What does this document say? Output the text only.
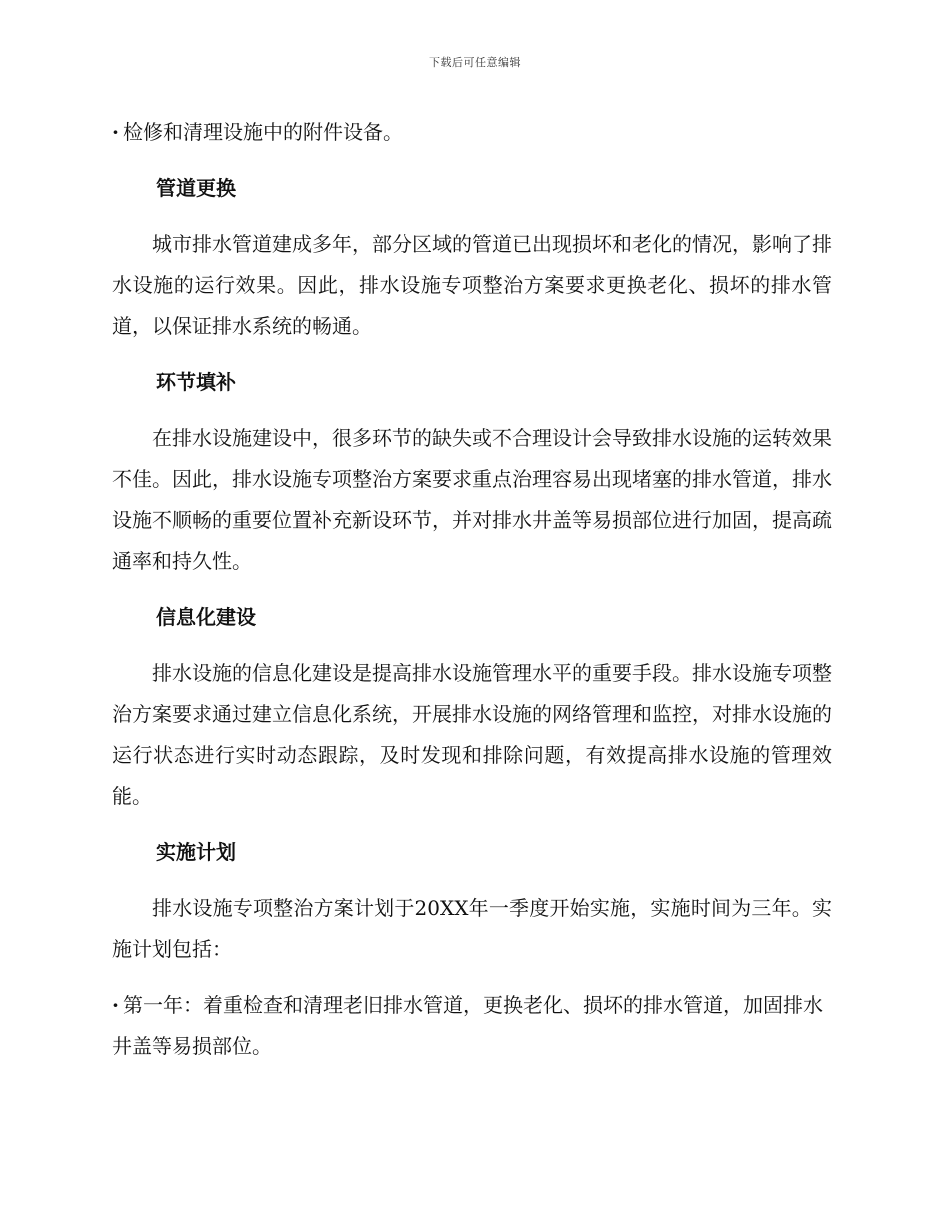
下载后可任意编辑
· 检修和清理设施中的附件设备。
管道更换
城市排水管道建成多年，部分区域的管道已出现损坏和老化的情况，影响了排水设施的运行效果。因此，排水设施专项整治方案要求更换老化、损坏的排水管道，以保证排水系统的畅通。
环节填补
在排水设施建设中，很多环节的缺失或不合理设计会导致排水设施的运转效果不佳。因此，排水设施专项整治方案要求重点治理容易出现堵塞的排水管道，排水设施不顺畅的重要位置补充新设环节，并对排水井盖等易损部位进行加固，提高疏通率和持久性。
信息化建设
排水设施的信息化建设是提高排水设施管理水平的重要手段。排水设施专项整治方案要求通过建立信息化系统，开展排水设施的网络管理和监控，对排水设施的运行状态进行实时动态跟踪，及时发现和排除问题，有效提高排水设施的管理效能。
实施计划
排水设施专项整治方案计划于20XX年一季度开始实施，实施时间为三年。实施计划包括：
· 第一年：着重检查和清理老旧排水管道，更换老化、损坏的排水管道，加固排水井盖等易损部位。
